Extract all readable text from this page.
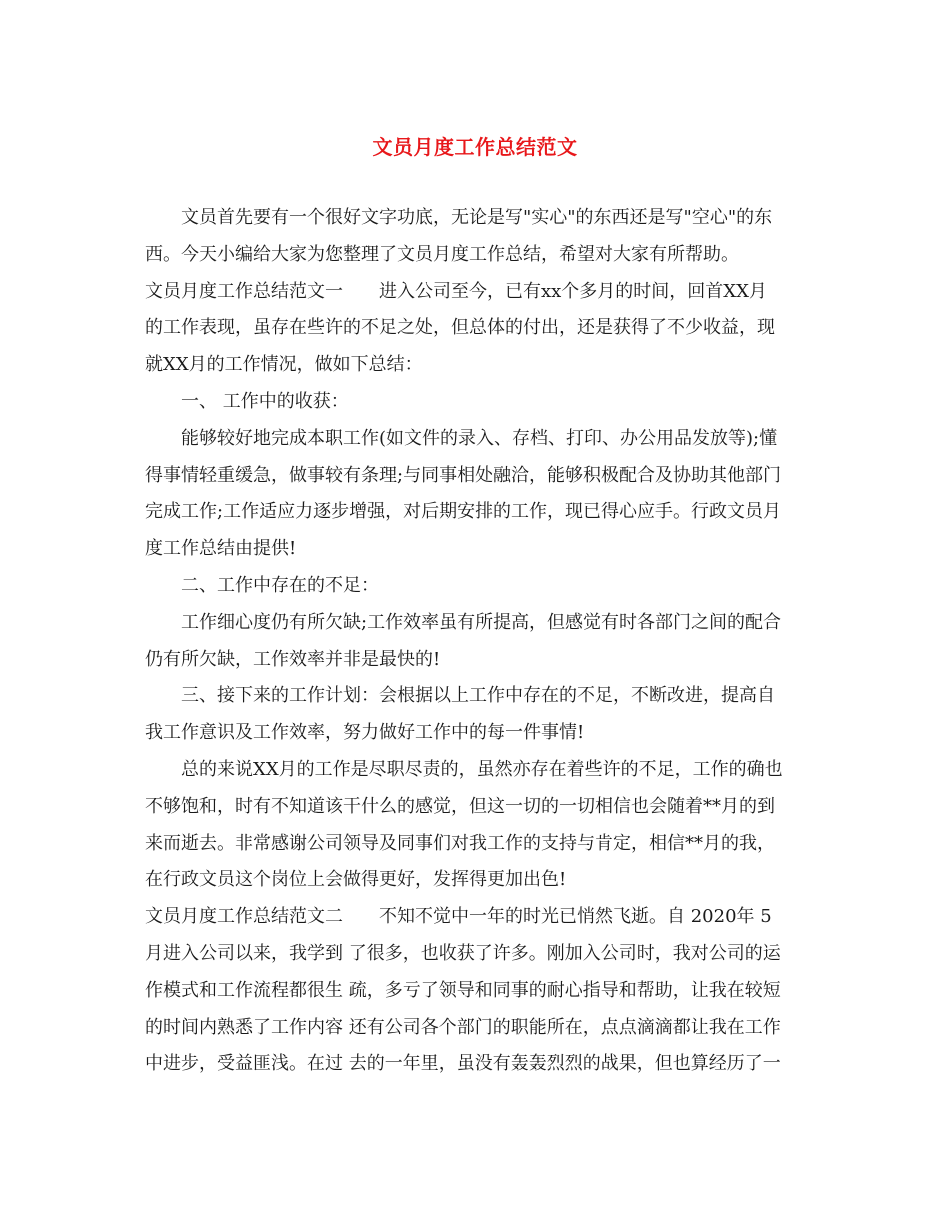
文员月度工作总结范文
文员首先要有一个很好文字功底，无论是写"实心"的东西还是写"空心"的东
西。今天小编给大家为您整理了文员月度工作总结，希望对大家有所帮助。
文员月度工作总结范文一　　进入公司至今，已有xx个多月的时间，回首XX月
的工作表现，虽存在些许的不足之处，但总体的付出，还是获得了不少收益，现
就XX月的工作情况，做如下总结：
一、 工作中的收获：
能够较好地完成本职工作(如文件的录入、存档、打印、办公用品发放等);懂
得事情轻重缓急，做事较有条理;与同事相处融洽，能够积极配合及协助其他部门
完成工作;工作适应力逐步增强，对后期安排的工作，现已得心应手。行政文员月
度工作总结由提供!
二、工作中存在的不足：
工作细心度仍有所欠缺;工作效率虽有所提高，但感觉有时各部门之间的配合
仍有所欠缺，工作效率并非是最快的!
三、接下来的工作计划：会根据以上工作中存在的不足，不断改进，提高自
我工作意识及工作效率，努力做好工作中的每一件事情!
总的来说XX月的工作是尽职尽责的，虽然亦存在着些许的不足，工作的确也
不够饱和，时有不知道该干什么的感觉，但这一切的一切相信也会随着**月的到
来而逝去。非常感谢公司领导及同事们对我工作的支持与肯定，相信**月的我，
在行政文员这个岗位上会做得更好，发挥得更加出色!
文员月度工作总结范文二　　不知不觉中一年的时光已悄然飞逝。自 2020年 5
月进入公司以来，我学到 了很多，也收获了许多。刚加入公司时，我对公司的运
作模式和工作流程都很生 疏，多亏了领导和同事的耐心指导和帮助，让我在较短
的时间内熟悉了工作内容 还有公司各个部门的职能所在，点点滴滴都让我在工作
中进步，受益匪浅。在过 去的一年里，虽没有轰轰烈烈的战果，但也算经历了一
